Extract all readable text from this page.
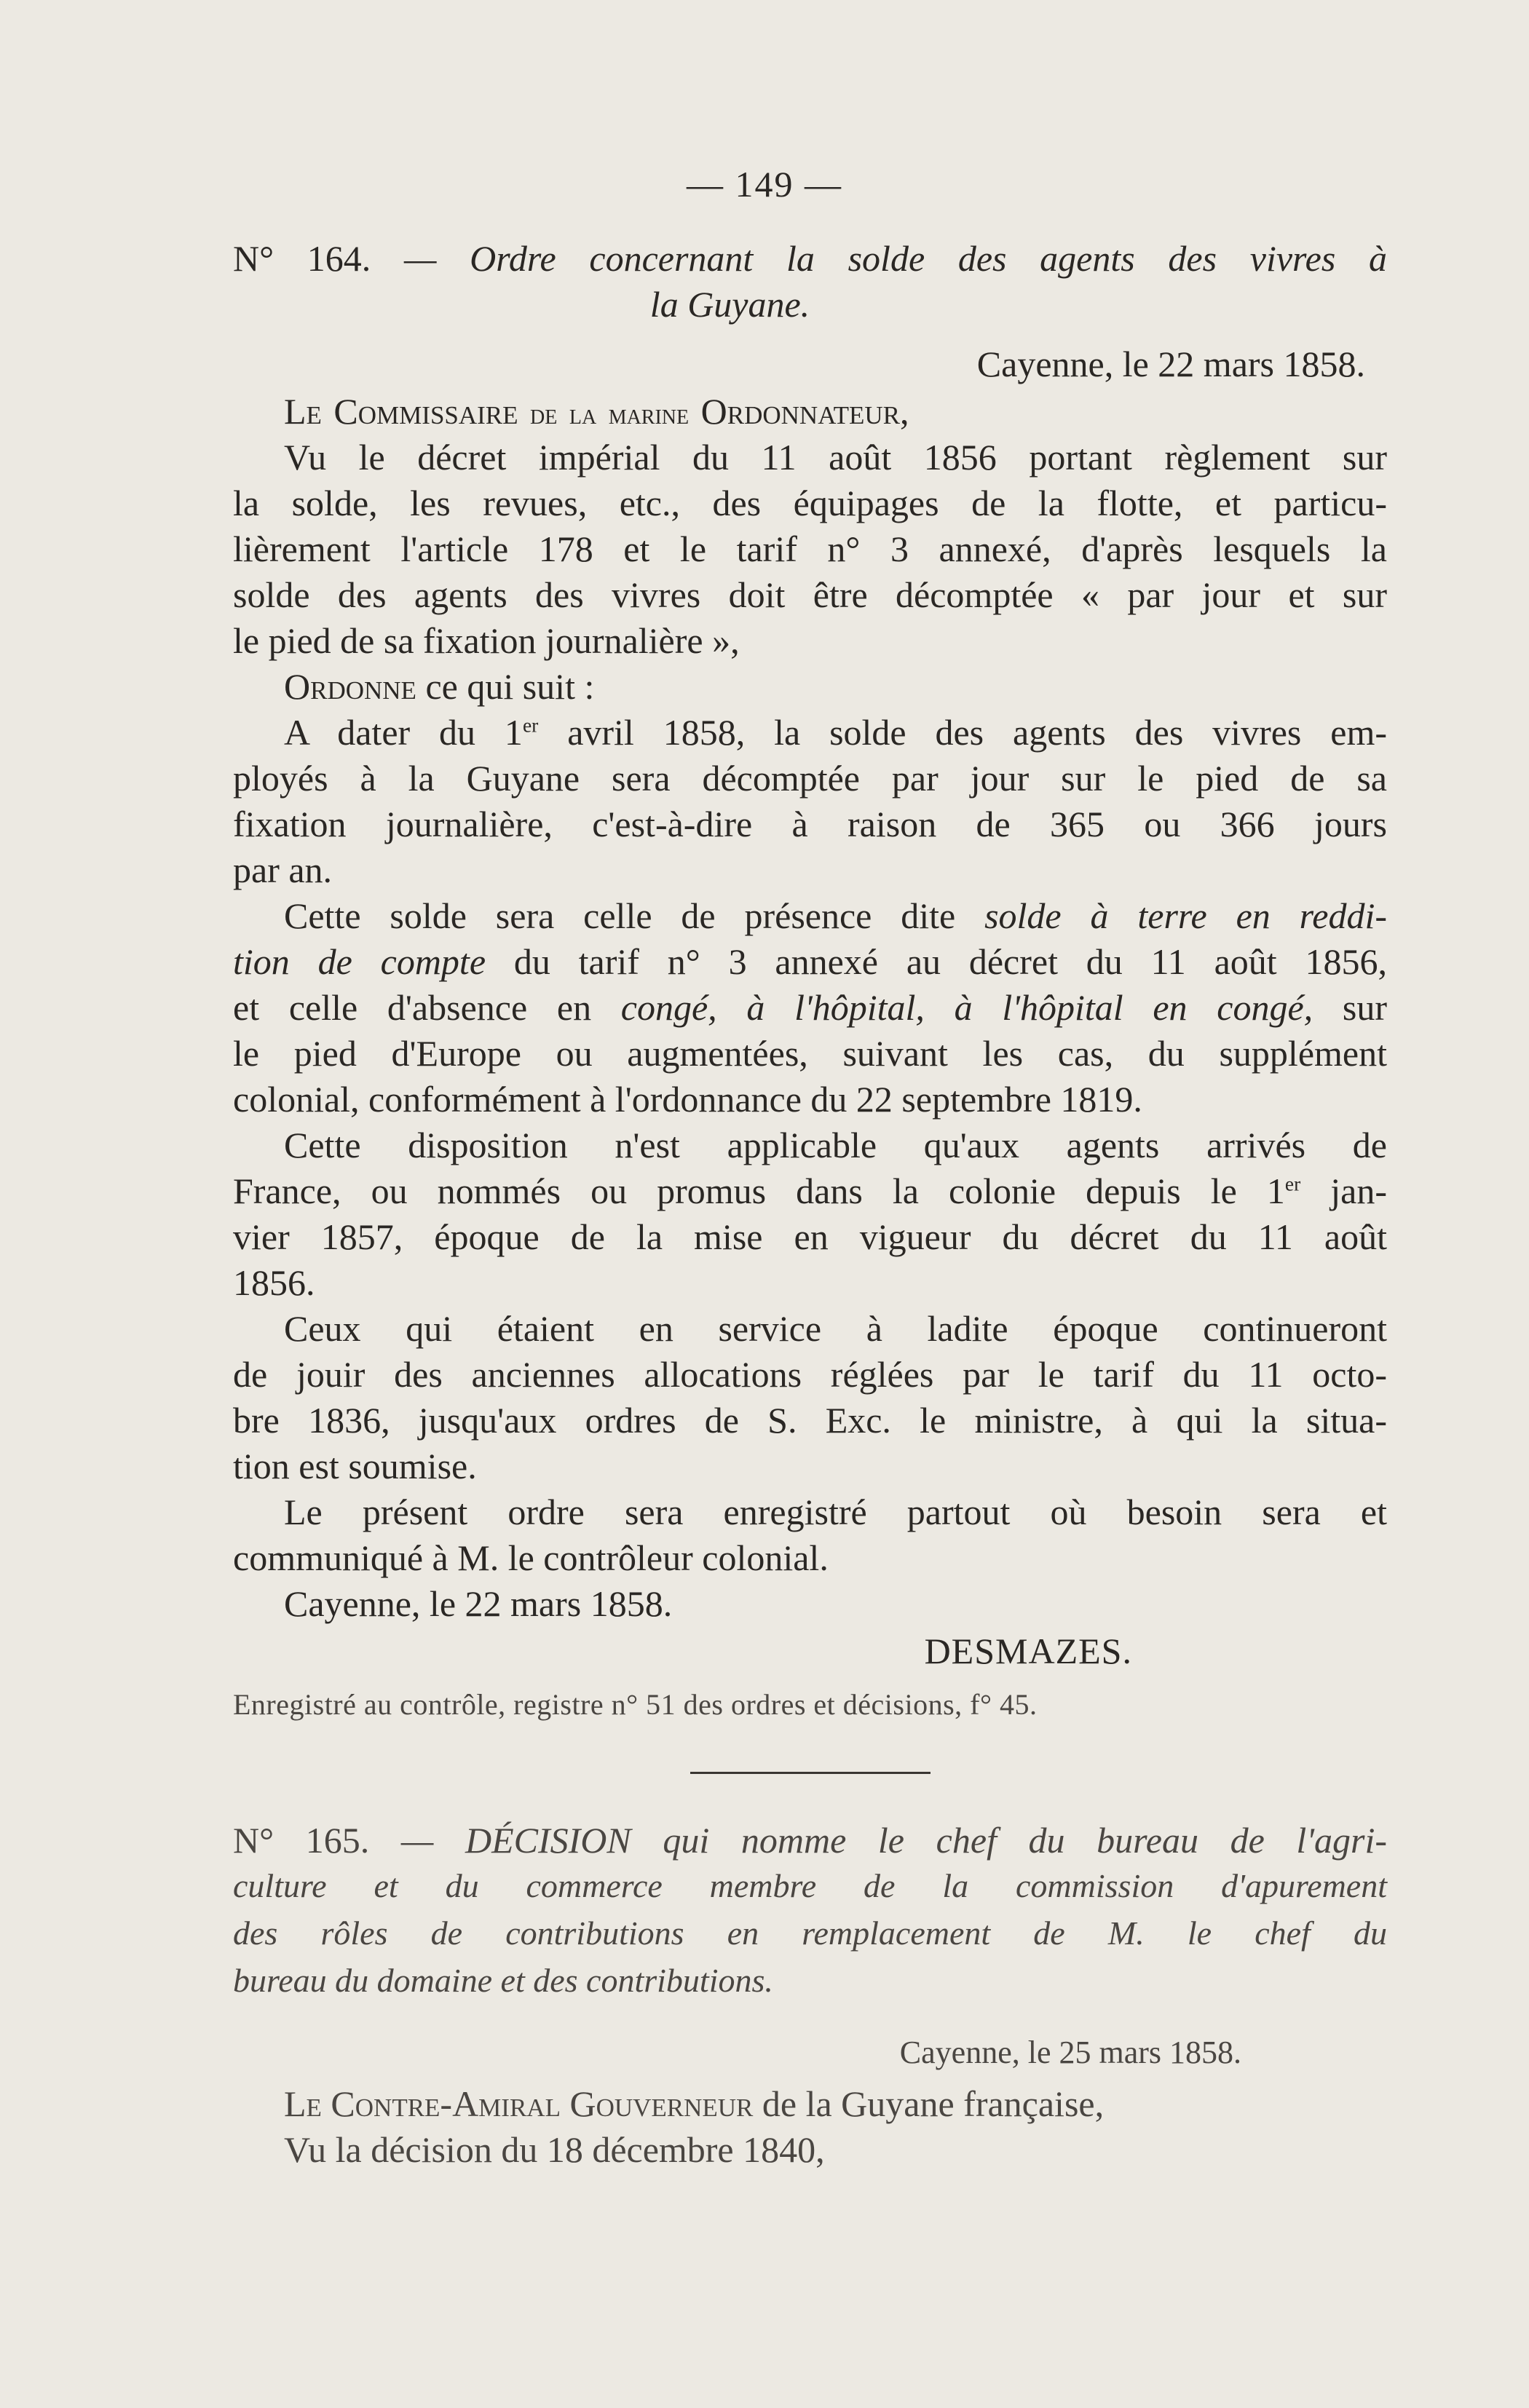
— 149 —
N° 164. — Ordre concernant la solde des agents des vivres à
la Guyane.
Cayenne, le 22 mars 1858.
Le Commissaire de la marine Ordonnateur,
Vu le décret impérial du 11 août 1856 portant règlement sur
la solde, les revues, etc., des équipages de la flotte, et particu-
lièrement l'article 178 et le tarif n° 3 annexé, d'après lesquels la
solde des agents des vivres doit être décomptée « par jour et sur
le pied de sa fixation journalière »,
Ordonne ce qui suit :
A dater du 1er avril 1858, la solde des agents des vivres em-
ployés à la Guyane sera décomptée par jour sur le pied de sa
fixation journalière, c'est-à-dire à raison de 365 ou 366 jours
par an.
Cette solde sera celle de présence dite solde à terre en reddi-
tion de compte du tarif n° 3 annexé au décret du 11 août 1856,
et celle d'absence en congé, à l'hôpital, à l'hôpital en congé, sur
le pied d'Europe ou augmentées, suivant les cas, du supplément
colonial, conformément à l'ordonnance du 22 septembre 1819.
Cette disposition n'est applicable qu'aux agents arrivés de
France, ou nommés ou promus dans la colonie depuis le 1er jan-
vier 1857, époque de la mise en vigueur du décret du 11 août
1856.
Ceux qui étaient en service à ladite époque continueront
de jouir des anciennes allocations réglées par le tarif du 11 octo-
bre 1836, jusqu'aux ordres de S. Exc. le ministre, à qui la situa-
tion est soumise.
Le présent ordre sera enregistré partout où besoin sera et
communiqué à M. le contrôleur colonial.
Cayenne, le 22 mars 1858.
DESMAZES.
Enregistré au contrôle, registre n° 51 des ordres et décisions, f° 45.
N° 165. — DÉCISION qui nomme le chef du bureau de l'agri-
culture et du commerce membre de la commission d'apurement
des rôles de contributions en remplacement de M. le chef du
bureau du domaine et des contributions.
Cayenne, le 25 mars 1858.
Le Contre-Amiral Gouverneur de la Guyane française,
Vu la décision du 18 décembre 1840,
